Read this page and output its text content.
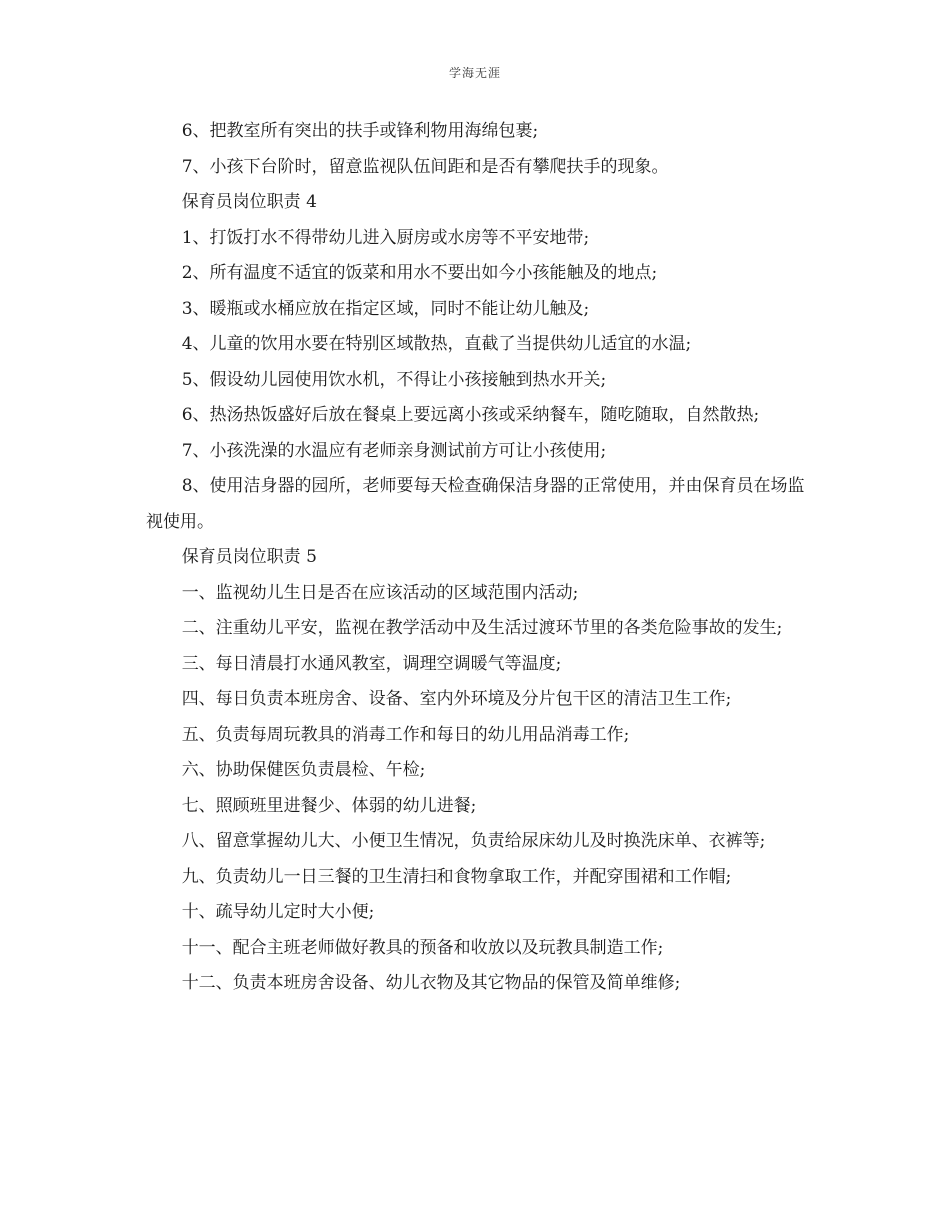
学海无涯

6、把教室所有突出的扶手或锋利物用海绵包裹;

7、小孩下台阶时，留意监视队伍间距和是否有攀爬扶手的现象。

保育员岗位职责 4

1、打饭打水不得带幼儿进入厨房或水房等不平安地带;

2、所有温度不适宜的饭菜和用水不要出如今小孩能触及的地点;

3、暖瓶或水桶应放在指定区域，同时不能让幼儿触及;

4、儿童的饮用水要在特别区域散热，直截了当提供幼儿适宜的水温;

5、假设幼儿园使用饮水机，不得让小孩接触到热水开关;

6、热汤热饭盛好后放在餐桌上要远离小孩或采纳餐车，随吃随取，自然散热;

7、小孩洗澡的水温应有老师亲身测试前方可让小孩使用;

8、使用洁身器的园所，老师要每天检查确保洁身器的正常使用，并由保育员在场监视使用。

保育员岗位职责 5

一、监视幼儿生日是否在应该活动的区域范围内活动;

二、注重幼儿平安，监视在教学活动中及生活过渡环节里的各类危险事故的发生;

三、每日清晨打水通风教室，调理空调暖气等温度;

四、每日负责本班房舍、设备、室内外环境及分片包干区的清洁卫生工作;

五、负责每周玩教具的消毒工作和每日的幼儿用品消毒工作;

六、协助保健医负责晨检、午检;

七、照顾班里进餐少、体弱的幼儿进餐;

八、留意掌握幼儿大、小便卫生情况，负责给尿床幼儿及时换洗床单、衣裤等;

九、负责幼儿一日三餐的卫生清扫和食物拿取工作，并配穿围裙和工作帽;

十、疏导幼儿定时大小便;

十一、配合主班老师做好教具的预备和收放以及玩教具制造工作;

十二、负责本班房舍设备、幼儿衣物及其它物品的保管及简单维修;
